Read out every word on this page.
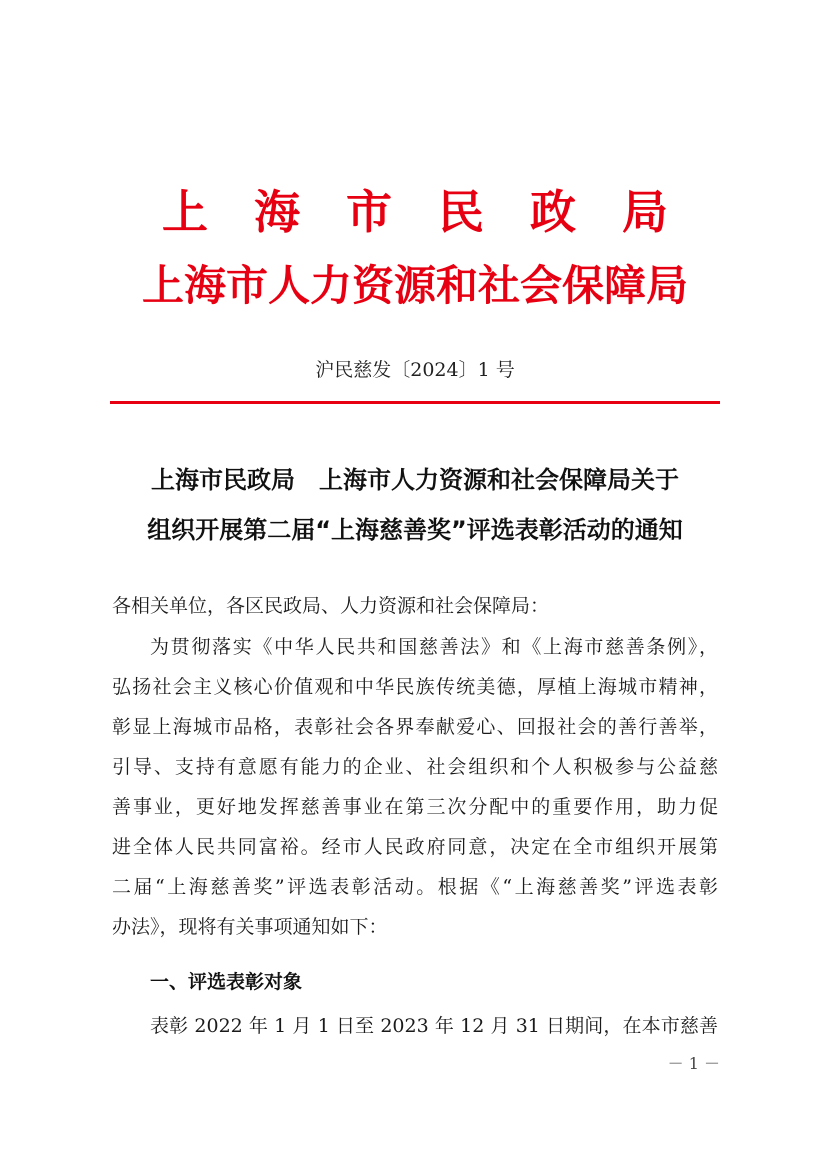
上 海 市 民 政 局
上海市人力资源和社会保障局
沪民慈发〔2024〕1 号
上海市民政局　上海市人力资源和社会保障局关于
组织开展第二届“上海慈善奖”评选表彰活动的通知
各相关单位，各区民政局、人力资源和社会保障局：
为贯彻落实《中华人民共和国慈善法》和《上海市慈善条例》，
弘扬社会主义核心价值观和中华民族传统美德，厚植上海城市精神，
彰显上海城市品格，表彰社会各界奉献爱心、回报社会的善行善举，
引导、支持有意愿有能力的企业、社会组织和个人积极参与公益慈
善事业，更好地发挥慈善事业在第三次分配中的重要作用，助力促
进全体人民共同富裕。经市人民政府同意，决定在全市组织开展第
二届“上海慈善奖”评选表彰活动。根据《“上海慈善奖”评选表彰
办法》，现将有关事项通知如下：
一、评选表彰对象
表彰 2022 年 1 月 1 日至 2023 年 12 月 31 日期间，在本市慈善
－ 1 －
